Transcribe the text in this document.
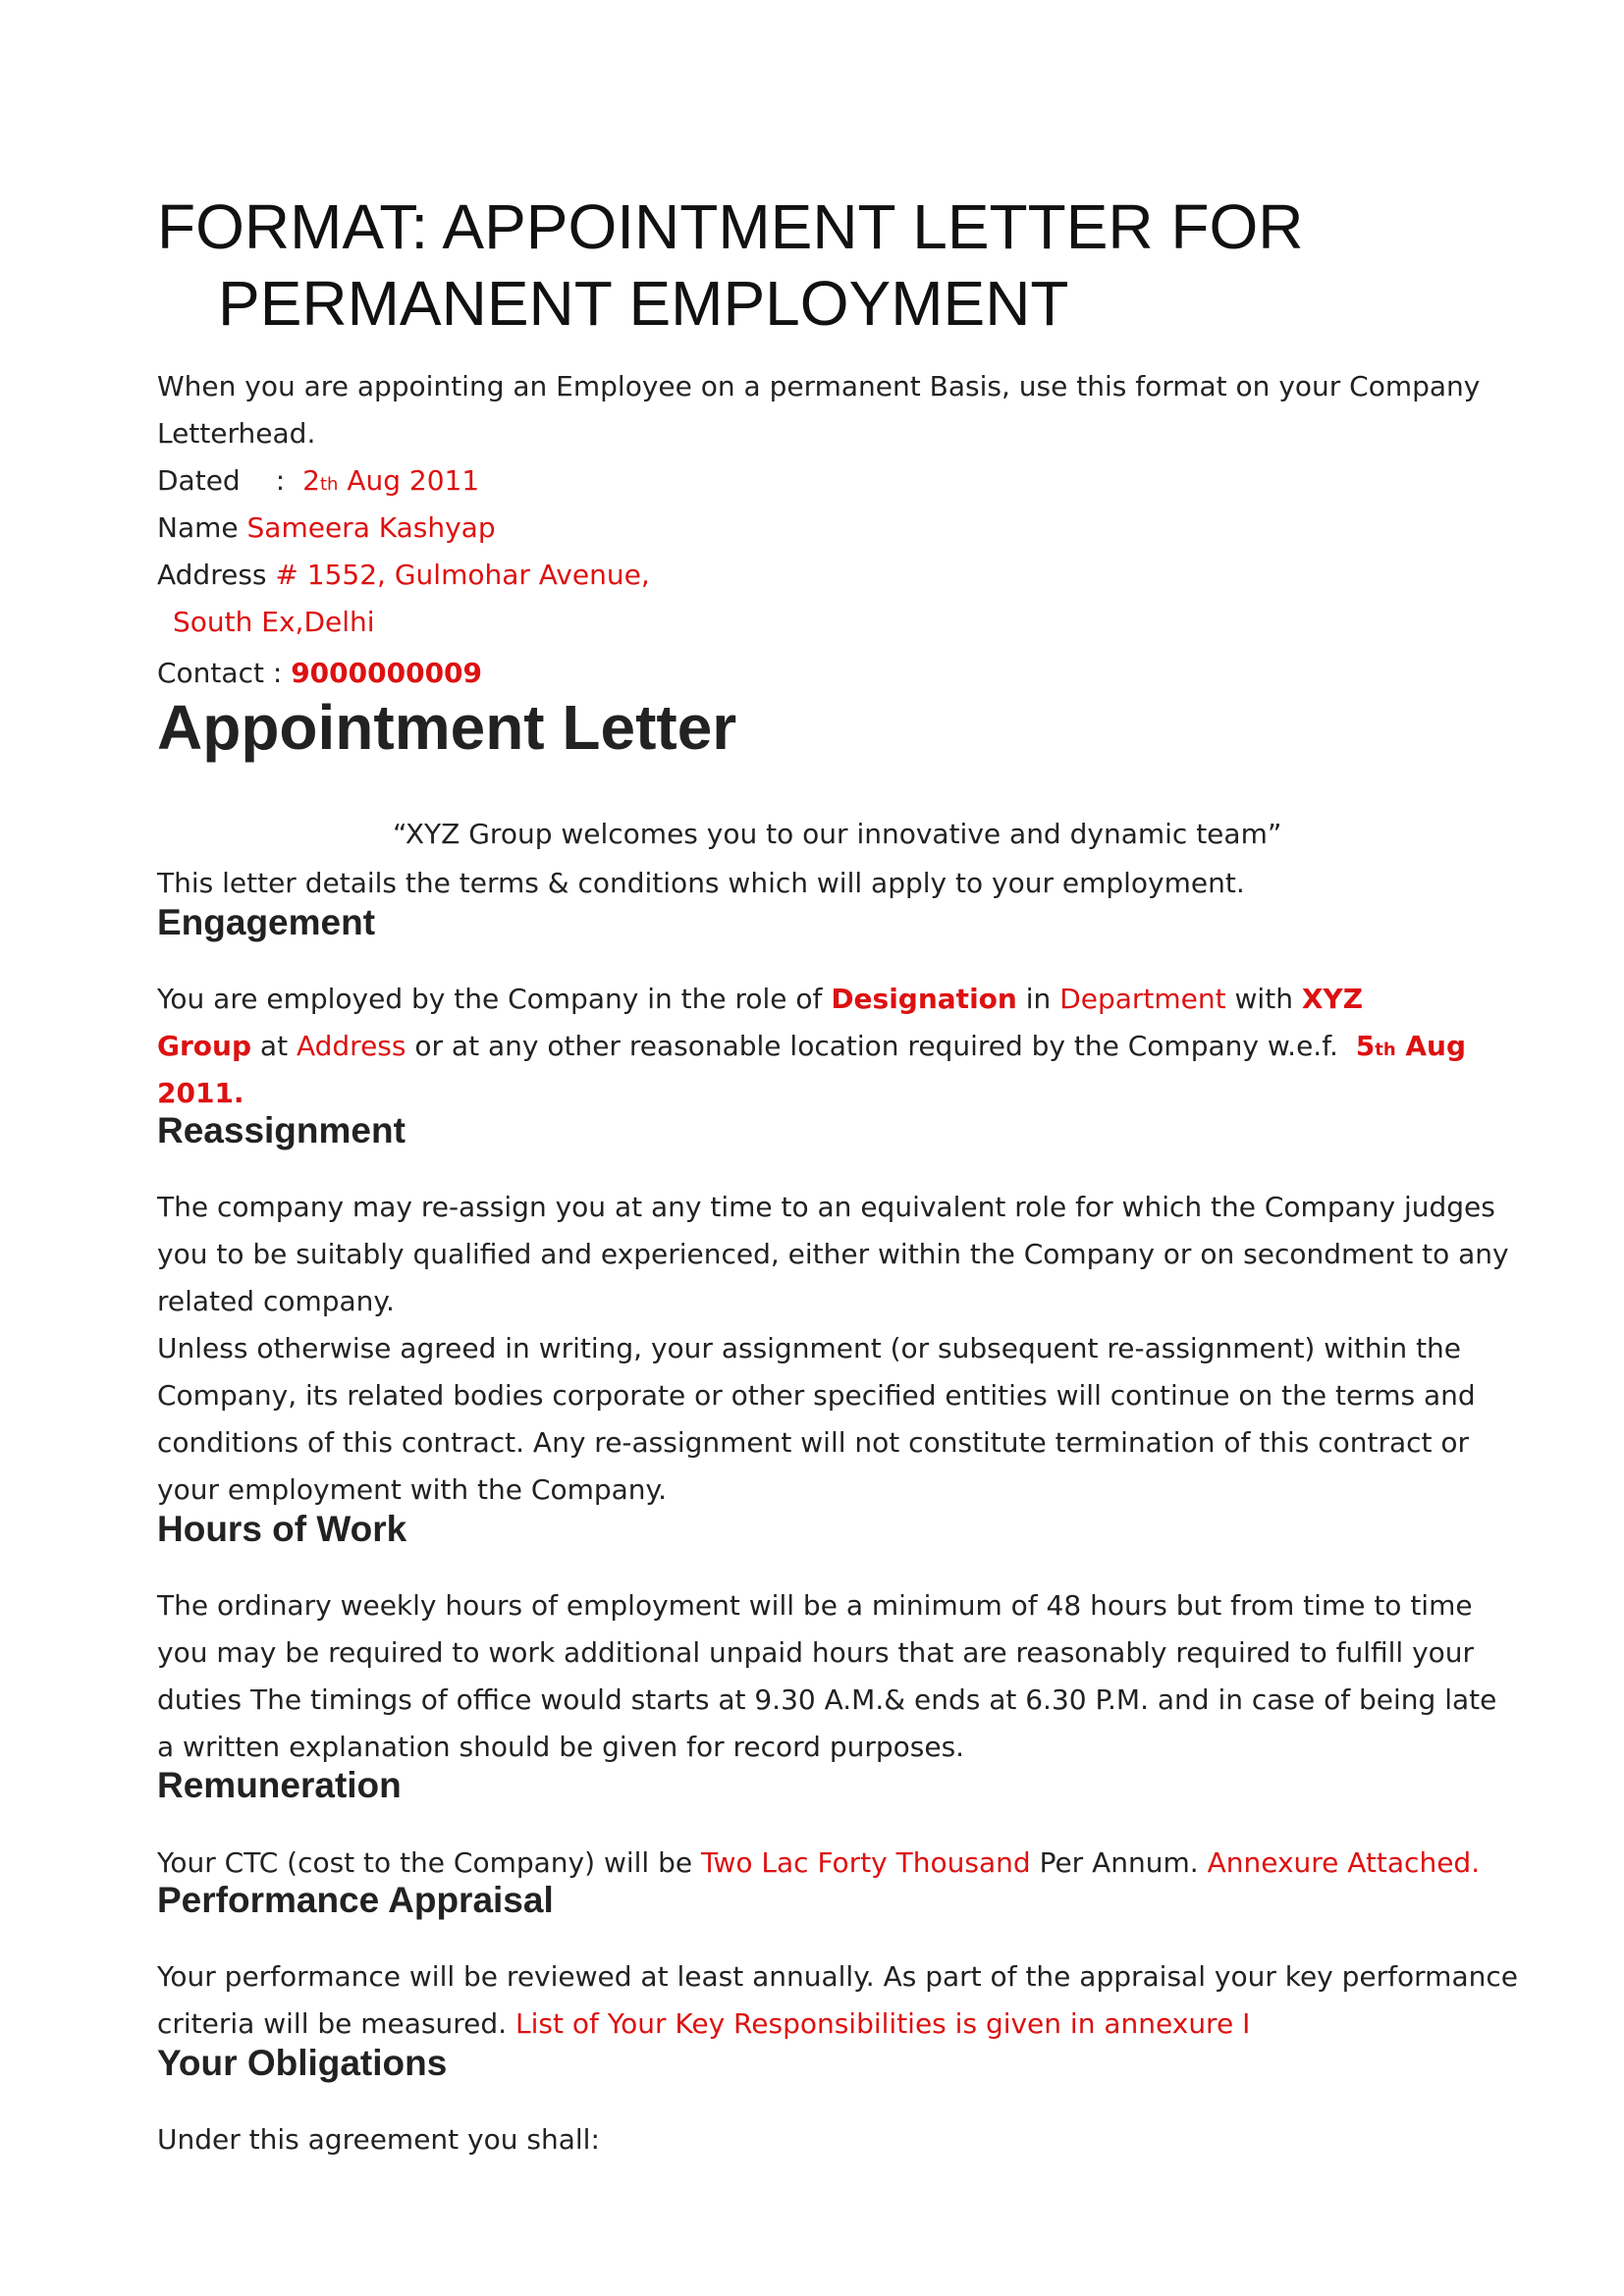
FORMAT: APPOINTMENT LETTER FOR
PERMANENT EMPLOYMENT
When you are appointing an Employee on a permanent Basis, use this format on your Company
Letterhead.
Dated : 2th Aug 2011
Name Sameera Kashyap
Address # 1552, Gulmohar Avenue,
South Ex,Delhi
Contact : 9000000009
Appointment Letter
“XYZ Group welcomes you to our innovative and dynamic team”
This letter details the terms & conditions which will apply to your employment.
Engagement
You are employed by the Company in the role of Designation in Department with XYZ
Group at Address or at any other reasonable location required by the Company w.e.f. 5th Aug
2011.
Reassignment
The company may re-assign you at any time to an equivalent role for which the Company judges
you to be suitably qualified and experienced, either within the Company or on secondment to any
related company.
Unless otherwise agreed in writing, your assignment (or subsequent re-assignment) within the
Company, its related bodies corporate or other specified entities will continue on the terms and
conditions of this contract. Any re-assignment will not constitute termination of this contract or
your employment with the Company.
Hours of Work
The ordinary weekly hours of employment will be a minimum of 48 hours but from time to time
you may be required to work additional unpaid hours that are reasonably required to fulfill your
duties The timings of office would starts at 9.30 A.M.& ends at 6.30 P.M. and in case of being late
a written explanation should be given for record purposes.
Remuneration
Your CTC (cost to the Company) will be Two Lac Forty Thousand Per Annum. Annexure Attached.
Performance Appraisal
Your performance will be reviewed at least annually. As part of the appraisal your key performance
criteria will be measured. List of Your Key Responsibilities is given in annexure I
Your Obligations
Under this agreement you shall:
